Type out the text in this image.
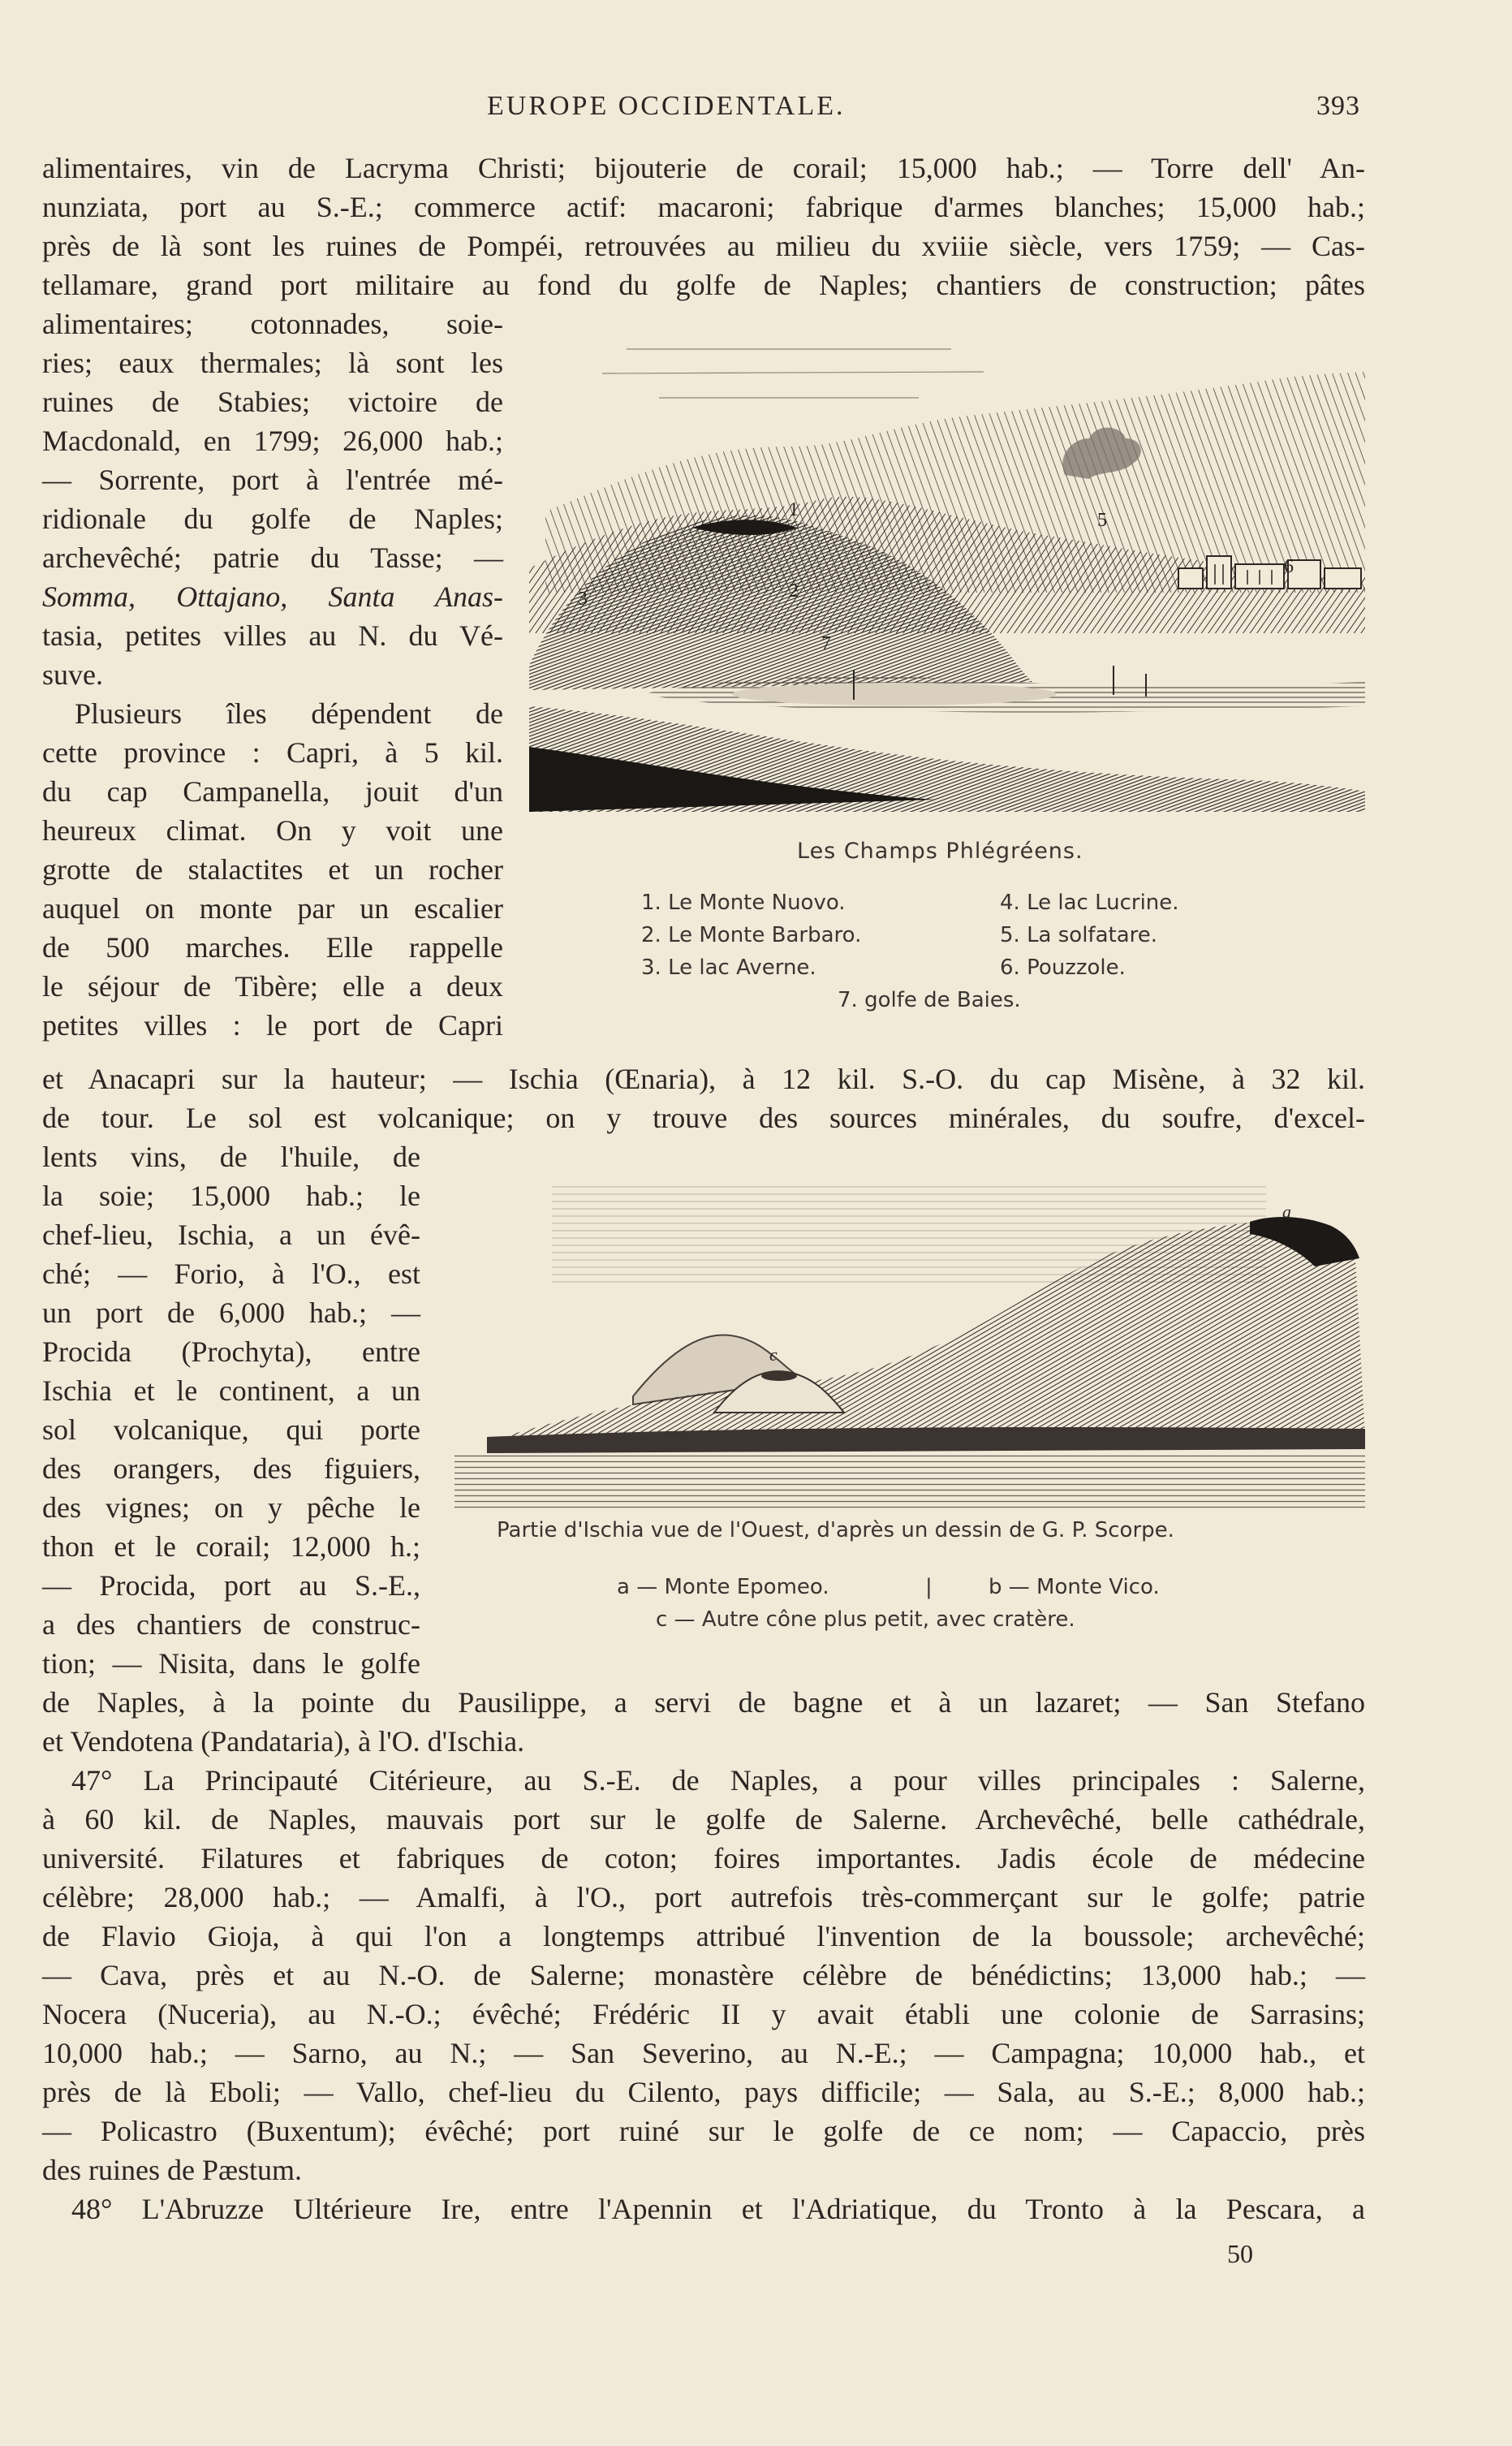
EUROPE OCCIDENTALE.	393
alimentaires, vin de Lacryma Christi; bijouterie de corail; 15,000 hab.; — Torre dell' An-
nunziata, port au S.-E.; commerce actif: macaroni; fabrique d'armes blanches; 15,000 hab.;
près de là sont les ruines de Pompéi, retrouvées au milieu du xviiie siècle, vers 1759; — Cas-
tellamare, grand port militaire au fond du golfe de Naples; chantiers de construction; pâtes
alimentaires; cotonnades, soie-
ries; eaux thermales; là sont les
ruines de Stabies; victoire de
Macdonald, en 1799; 26,000 hab.;
— Sorrente, port à l'entrée mé-
ridionale du golfe de Naples;
archevêché; patrie du Tasse; —
Somma, Ottajano, Santa Anas-
tasia, petites villes au N. du Vé-
suve.
Plusieurs îles dépendent de
cette province : Capri, à 5 kil.
du cap Campanella, jouit d'un
heureux climat. On y voit une
grotte de stalactites et un rocher
auquel on monte par un escalier
de 500 marches. Elle rappelle
le séjour de Tibère; elle a deux
petites villes : le port de Capri
1
2
3
5
6
7
Les Champs Phlégréens.
1. Le Monte Nuovo.
2. Le Monte Barbaro.
3. Le lac Averne.
4. Le lac Lucrine.
5. La solfatare.
6. Pouzzole.
7. golfe de Baies.
et Anacapri sur la hauteur; — Ischia (Œnaria), à 12 kil. S.-O. du cap Misène, à 32 kil.
de tour. Le sol est volcanique; on y trouve des sources minérales, du soufre, d'excel-
lents vins, de l'huile, de
la soie; 15,000 hab.; le
chef-lieu, Ischia, a un évê-
ché; — Forio, à l'O., est
un port de 6,000 hab.; —
Procida (Prochyta), entre
Ischia et le continent, a un
sol volcanique, qui porte
des orangers, des figuiers,
des vignes; on y pêche le
thon et le corail; 12,000 h.;
— Procida, port au S.-E.,
a des chantiers de construc-
tion; — Nisita, dans le golfe
a
c
Partie d'Ischia vue de l'Ouest, d'après un dessin de G. P. Scorpe.
a — Monte Epomeo.	|	b — Monte Vico.
c — Autre cône plus petit, avec cratère.
de Naples, à la pointe du Pausilippe, a servi de bagne et à un lazaret; — San Stefano
et Vendotena (Pandataria), à l'O. d'Ischia.
47° La Principauté Citérieure, au S.-E. de Naples, a pour villes principales : Salerne,
à 60 kil. de Naples, mauvais port sur le golfe de Salerne. Archevêché, belle cathédrale,
université. Filatures et fabriques de coton; foires importantes. Jadis école de médecine
célèbre; 28,000 hab.; — Amalfi, à l'O., port autrefois très-commerçant sur le golfe; patrie
de Flavio Gioja, à qui l'on a longtemps attribué l'invention de la boussole; archevêché;
— Cava, près et au N.-O. de Salerne; monastère célèbre de bénédictins; 13,000 hab.; —
Nocera (Nuceria), au N.-O.; évêché; Frédéric II y avait établi une colonie de Sarrasins;
10,000 hab.; — Sarno, au N.; — San Severino, au N.-E.; — Campagna; 10,000 hab., et
près de là Eboli; — Vallo, chef-lieu du Cilento, pays difficile; — Sala, au S.-E.; 8,000 hab.;
— Policastro (Buxentum); évêché; port ruiné sur le golfe de ce nom; — Capaccio, près
des ruines de Pæstum.
48° L'Abruzze Ultérieure Ire, entre l'Apennin et l'Adriatique, du Tronto à la Pescara, a
50
